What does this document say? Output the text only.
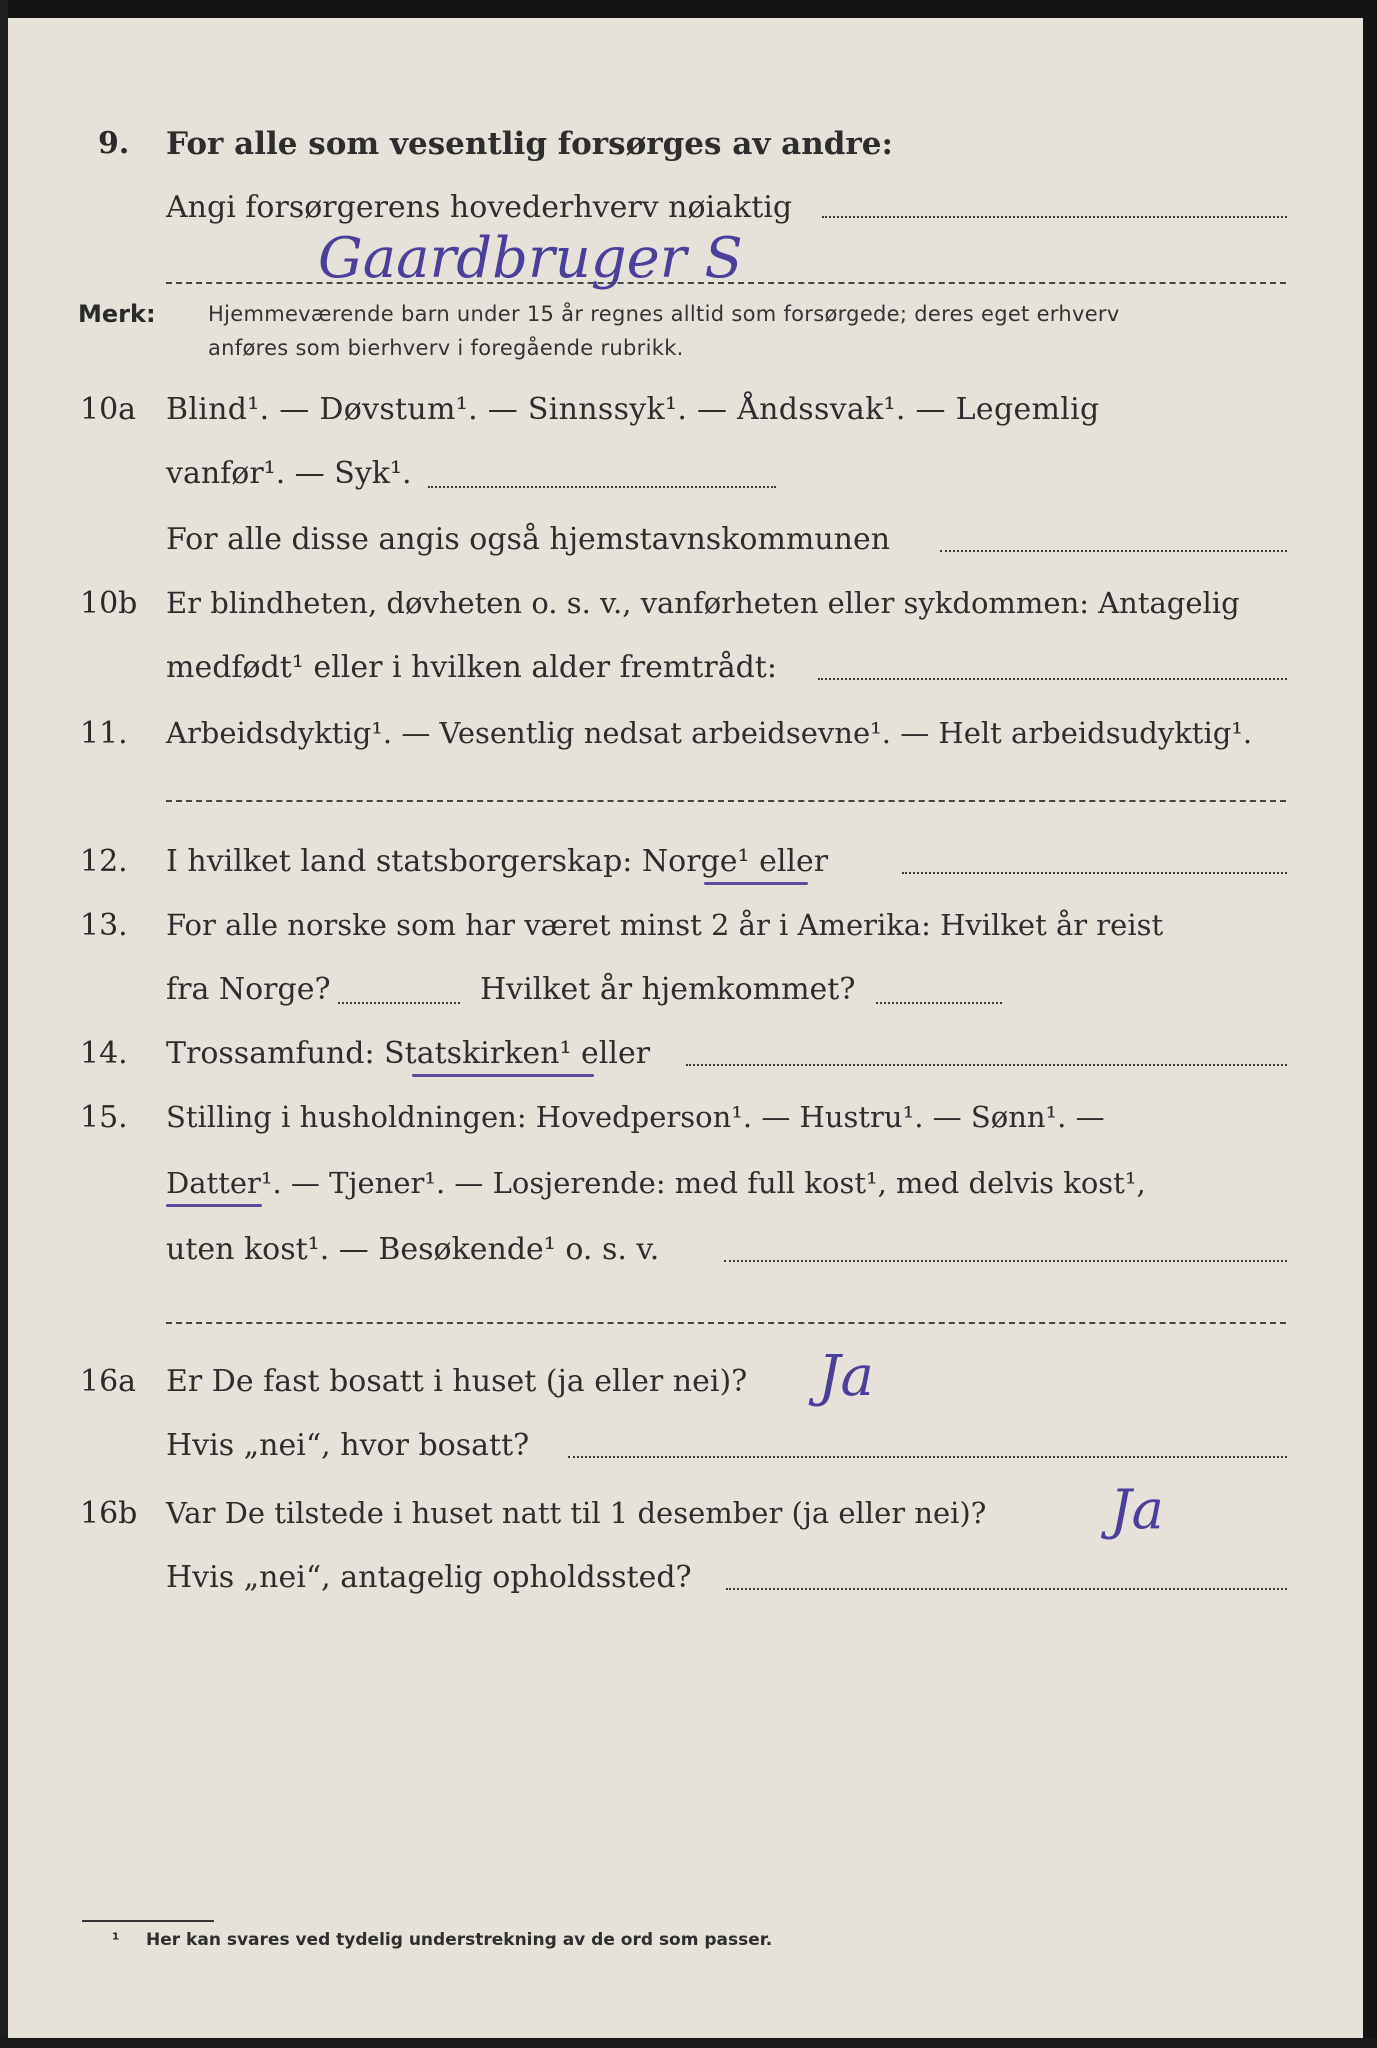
9. For alle som vesentlig forsørges av andre:
Angi forsørgerens hovederhverv nøiaktig
Gaardbruger S
Merk: Hjemmeværende barn under 15 år regnes alltid som forsørgede; deres eget erhverv
anføres som bierhverv i foregående rubrikk.
10a Blind¹. — Døvstum¹. — Sinnssyk¹. — Åndssvak¹. — Legemlig
vanfør¹. — Syk¹.
For alle disse angis også hjemstavnskommunen
10b Er blindheten, døvheten o. s. v., vanførheten eller sykdommen: Antagelig
medfødt¹ eller i hvilken alder fremtrådt:
11. Arbeidsdyktig¹. — Vesentlig nedsat arbeidsevne¹. — Helt arbeidsudyktig¹.
12. I hvilket land statsborgerskap: Norge¹ eller
13. For alle norske som har været minst 2 år i Amerika: Hvilket år reist
fra Norge?	Hvilket år hjemkommet?
14. Trossamfund: Statskirken¹ eller
15. Stilling i husholdningen: Hovedperson¹. — Hustru¹. — Sønn¹. —
Datter¹. — Tjener¹. — Losjerende: med full kost¹, med delvis kost¹,
uten kost¹. — Besøkende¹ o. s. v.
16a Er De fast bosatt i huset (ja eller nei)? Ja
Hvis „nei“, hvor bosatt?
16b Var De tilstede i huset natt til 1 desember (ja eller nei)? Ja
Hvis „nei“, antagelig opholdssted?
¹ Her kan svares ved tydelig understrekning av de ord som passer.
